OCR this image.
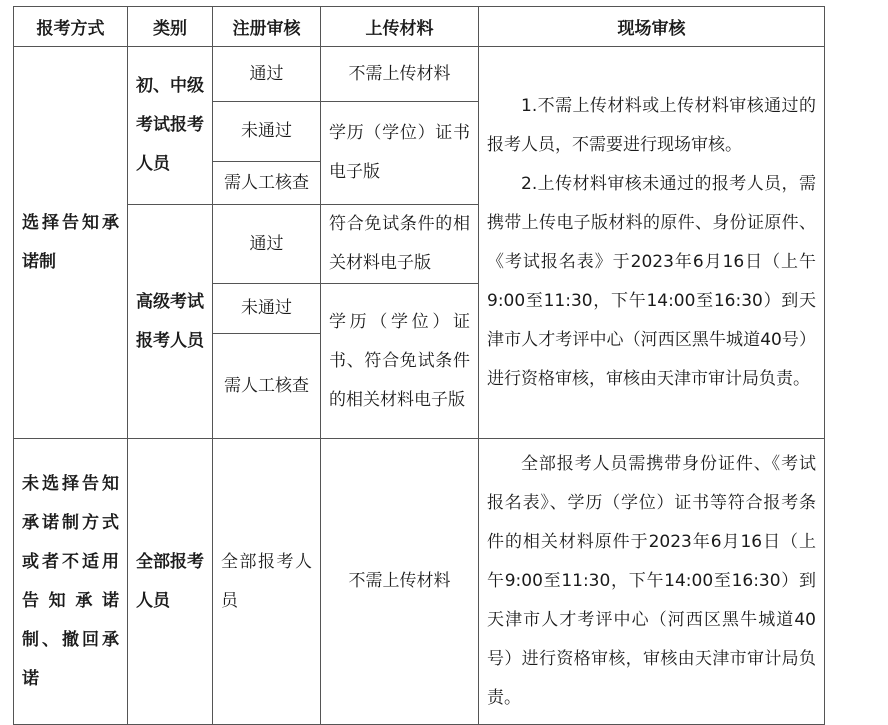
报考方式	类别	注册审核	上传材料	现场审核

选择告知承诺制	初、中级考试报考人员	通过	不需上传材料	1.不需上传材料或上传材料审核通过的报考人员，不需要进行现场审核。
2.上传材料审核未通过的报考人员，需携带上传电子版材料的原件、身份证原件、《考试报名表》于2023年6月16日（上午9:00至11:30，下午14:00至16:30）到天津市人才考评中心（河西区黑牛城道40号）进行资格审核，审核由天津市审计局负责。

		未通过	学历（学位）证书电子版	

		需人工核查		

	高级考试报考人员	通过	符合免试条件的相关材料电子版	

		未通过	学历（学位）证书、符合免试条件的相关材料电子版	

		需人工核查		

未选择告知承诺制方式或者不适用告知承诺制、撤回承诺	全部报考人员	全部报考人员	不需上传材料	全部报考人员需携带身份证件、《考试报名表》、学历（学位）证书等符合报考条件的相关材料原件于2023年6月16日（上午9:00至11:30，下午14:00至16:30）到天津市人才考评中心（河西区黑牛城道40号）进行资格审核，审核由天津市审计局负责。
